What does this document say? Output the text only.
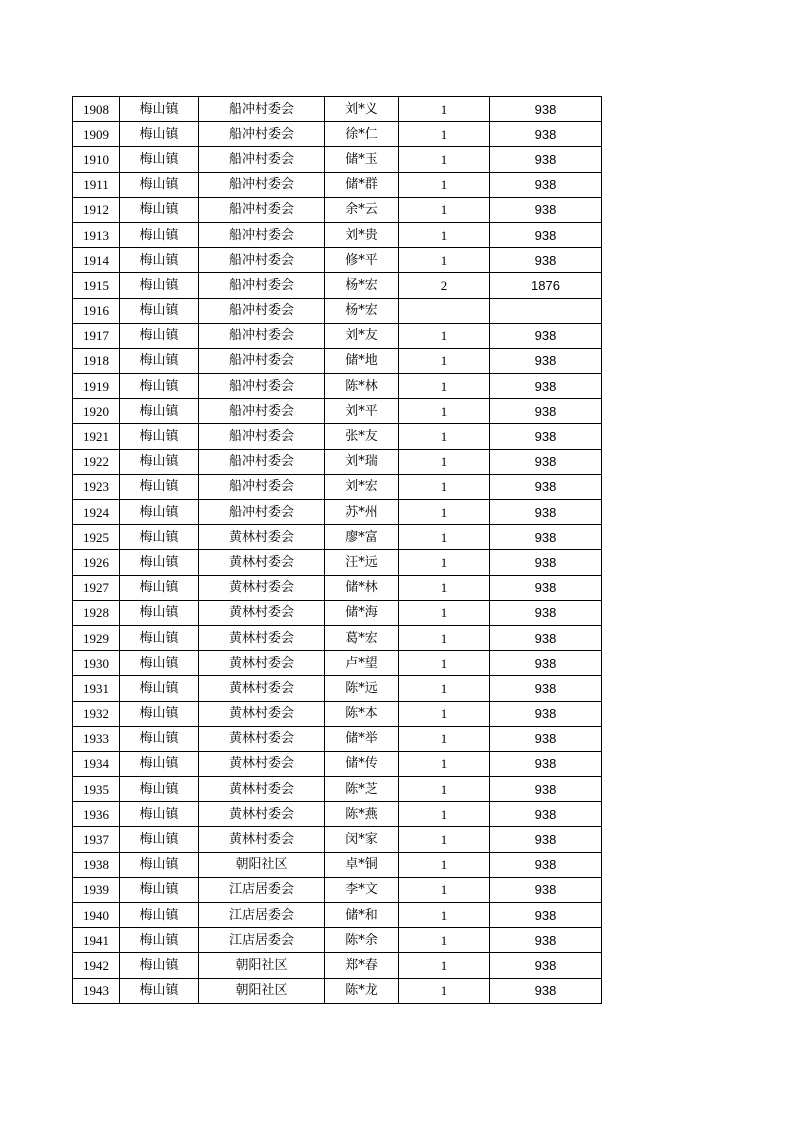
1908	梅山镇	船冲村委会	刘*义	1	938
1909	梅山镇	船冲村委会	徐*仁	1	938
1910	梅山镇	船冲村委会	储*玉	1	938
1911	梅山镇	船冲村委会	储*群	1	938
1912	梅山镇	船冲村委会	余*云	1	938
1913	梅山镇	船冲村委会	刘*贵	1	938
1914	梅山镇	船冲村委会	修*平	1	938
1915	梅山镇	船冲村委会	杨*宏	2	1876
1916	梅山镇	船冲村委会	杨*宏		
1917	梅山镇	船冲村委会	刘*友	1	938
1918	梅山镇	船冲村委会	储*地	1	938
1919	梅山镇	船冲村委会	陈*林	1	938
1920	梅山镇	船冲村委会	刘*平	1	938
1921	梅山镇	船冲村委会	张*友	1	938
1922	梅山镇	船冲村委会	刘*瑞	1	938
1923	梅山镇	船冲村委会	刘*宏	1	938
1924	梅山镇	船冲村委会	苏*州	1	938
1925	梅山镇	黄林村委会	廖*富	1	938
1926	梅山镇	黄林村委会	汪*远	1	938
1927	梅山镇	黄林村委会	储*林	1	938
1928	梅山镇	黄林村委会	储*海	1	938
1929	梅山镇	黄林村委会	葛*宏	1	938
1930	梅山镇	黄林村委会	卢*望	1	938
1931	梅山镇	黄林村委会	陈*远	1	938
1932	梅山镇	黄林村委会	陈*本	1	938
1933	梅山镇	黄林村委会	储*举	1	938
1934	梅山镇	黄林村委会	储*传	1	938
1935	梅山镇	黄林村委会	陈*芝	1	938
1936	梅山镇	黄林村委会	陈*燕	1	938
1937	梅山镇	黄林村委会	闵*家	1	938
1938	梅山镇	朝阳社区	卓*铜	1	938
1939	梅山镇	江店居委会	李*文	1	938
1940	梅山镇	江店居委会	储*和	1	938
1941	梅山镇	江店居委会	陈*余	1	938
1942	梅山镇	朝阳社区	郑*春	1	938
1943	梅山镇	朝阳社区	陈*龙	1	938
